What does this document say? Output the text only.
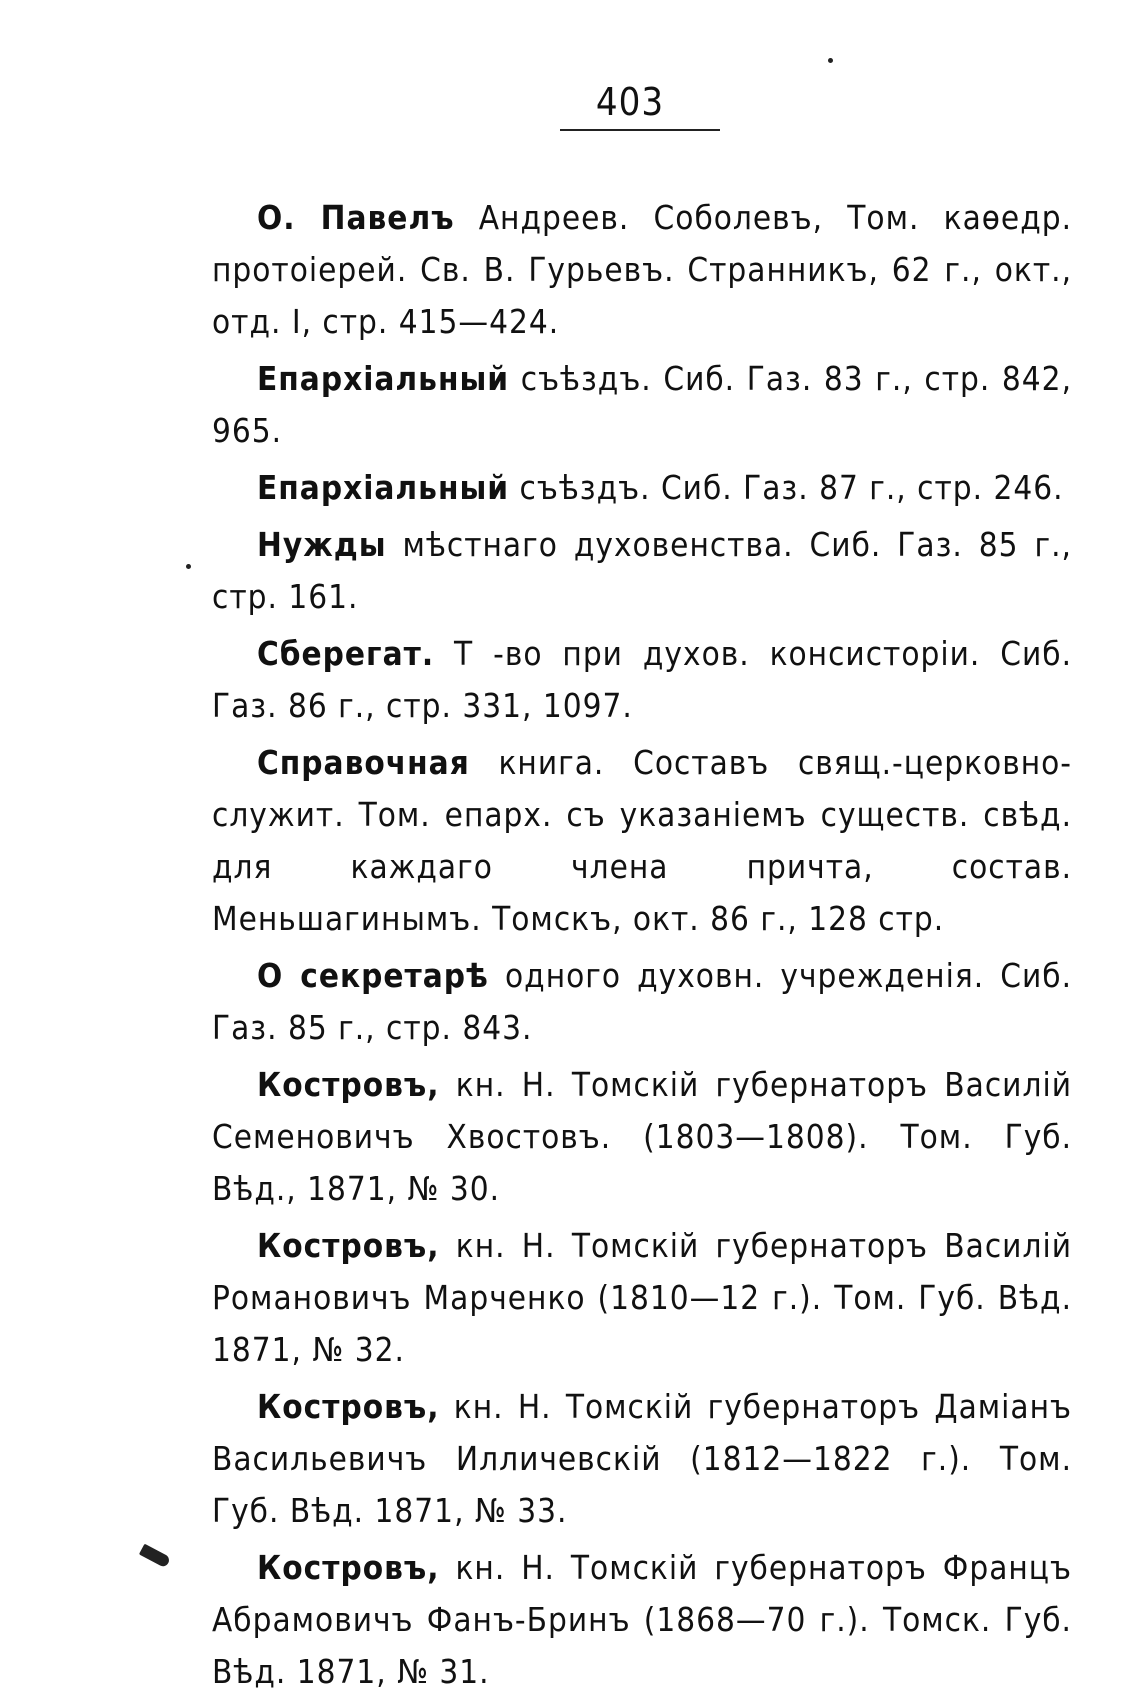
403

О. Павелъ Андреев. Соболевъ, Том. каѳедр. протоіерей. Св. В. Гурьевъ. Странникъ, 62 г., окт., отд. I, стр. 415—424.

Епархіальный съѣздъ. Сиб. Газ. 83 г., стр. 842, 965.

Епархіальный съѣздъ. Сиб. Газ. 87 г., стр. 246.

Нужды мѣстнаго духовенства. Сиб. Газ. 85 г., стр. 161.

Сберегат. Т -во при духов. консисторіи. Сиб. Газ. 86 г., стр. 331, 1097.

Справочная книга. Составъ свящ.-церковно-служит. Том. епарх. съ указаніемъ существ. свѣд. для каждаго члена причта, состав. Меньшагинымъ. Томскъ, окт. 86 г., 128 стр.

О секретарѣ одного духовн. учрежденія. Сиб. Газ. 85 г., стр. 843.

Костровъ, кн. Н. Томскій губернаторъ Василій Семеновичъ Хвостовъ. (1803—1808). Том. Губ. Вѣд., 1871, № 30.

Костровъ, кн. Н. Томскій губернаторъ Василій Романовичъ Марченко (1810—12 г.). Том. Губ. Вѣд. 1871, № 32.

Костровъ, кн. Н. Томскій губернаторъ Даміанъ Васильевичъ Илличевскій (1812—1822 г.). Том. Губ. Вѣд. 1871, № 33.

Костровъ, кн. Н. Томскій губернаторъ Францъ Абрамовичъ Фанъ-Бринъ (1868—70 г.). Томск. Губ. Вѣд. 1871, № 31.
